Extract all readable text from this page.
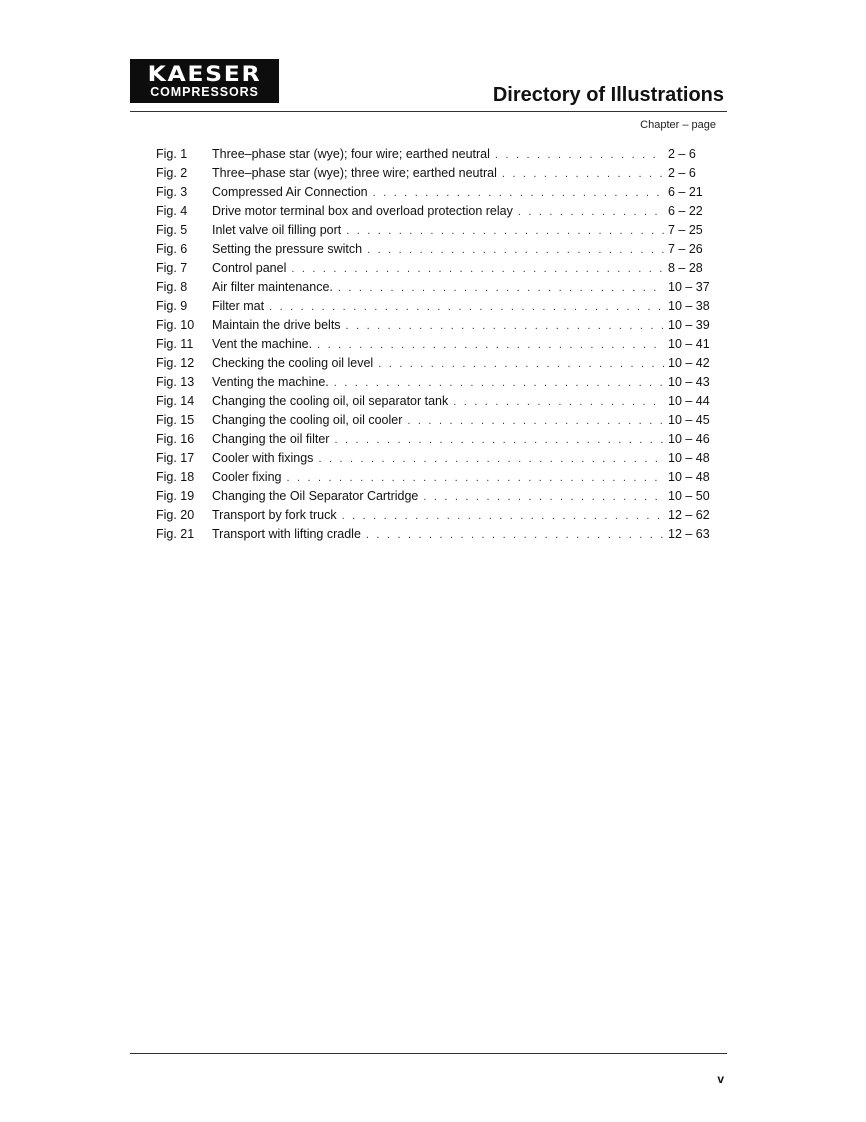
KAESER
COMPRESSORS	Directory of Illustrations
Chapter – page
Fig. 1	Three–phase star (wye); four wire; earthed neutral . . .	2 – 6
Fig. 2	Three–phase star (wye); three wire; earthed neutral . . .	2 – 6
Fig. 3	Compressed Air Connection . . .	6 – 21
Fig. 4	Drive motor terminal box and overload protection relay . . .	6 – 22
Fig. 5	Inlet valve oil filling port . . .	7 – 25
Fig. 6	Setting the pressure switch . . .	7 – 26
Fig. 7	Control panel . . .	8 – 28
Fig. 8	Air filter maintenance. . . .	10 – 37
Fig. 9	Filter mat . . .	10 – 38
Fig. 10	Maintain the drive belts . . .	10 – 39
Fig. 11	Vent the machine. . . .	10 – 41
Fig. 12	Checking the cooling oil level . . .	10 – 42
Fig. 13	Venting the machine. . . .	10 – 43
Fig. 14	Changing the cooling oil, oil separator tank . . .	10 – 44
Fig. 15	Changing the cooling oil, oil cooler . . .	10 – 45
Fig. 16	Changing the oil filter . . .	10 – 46
Fig. 17	Cooler with fixings . . .	10 – 48
Fig. 18	Cooler fixing . . .	10 – 48
Fig. 19	Changing the Oil Separator Cartridge . . .	10 – 50
Fig. 20	Transport by fork truck . . .	12 – 62
Fig. 21	Transport with lifting cradle . . .	12 – 63
v
